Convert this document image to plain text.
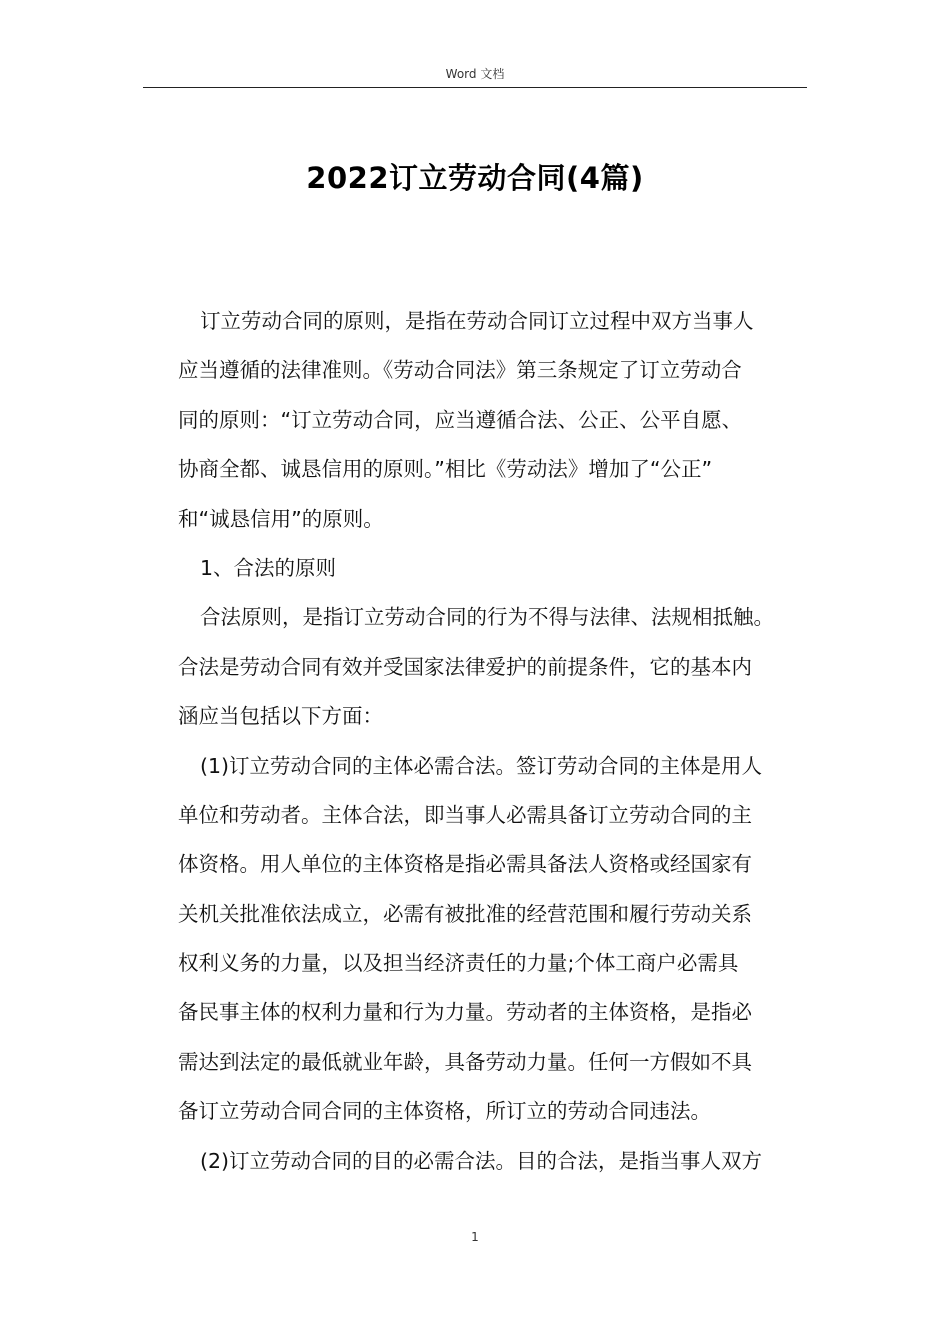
Word 文档
2022订立劳动合同(4篇)
订立劳动合同的原则，是指在劳动合同订立过程中双方当事人
应当遵循的法律准则。《劳动合同法》第三条规定了订立劳动合
同的原则：“订立劳动合同，应当遵循合法、公正、公平自愿、
协商全都、诚恳信用的原则。”相比《劳动法》增加了“公正”
和“诚恳信用”的原则。
1、合法的原则
合法原则，是指订立劳动合同的行为不得与法律、法规相抵触。
合法是劳动合同有效并受国家法律爱护的前提条件，它的基本内
涵应当包括以下方面：
(1)订立劳动合同的主体必需合法。签订劳动合同的主体是用人
单位和劳动者。主体合法，即当事人必需具备订立劳动合同的主
体资格。用人单位的主体资格是指必需具备法人资格或经国家有
关机关批准依法成立，必需有被批准的经营范围和履行劳动关系
权利义务的力量，以及担当经济责任的力量;个体工商户必需具
备民事主体的权利力量和行为力量。劳动者的主体资格，是指必
需达到法定的最低就业年龄，具备劳动力量。任何一方假如不具
备订立劳动合同合同的主体资格，所订立的劳动合同违法。
(2)订立劳动合同的目的必需合法。目的合法，是指当事人双方
1
